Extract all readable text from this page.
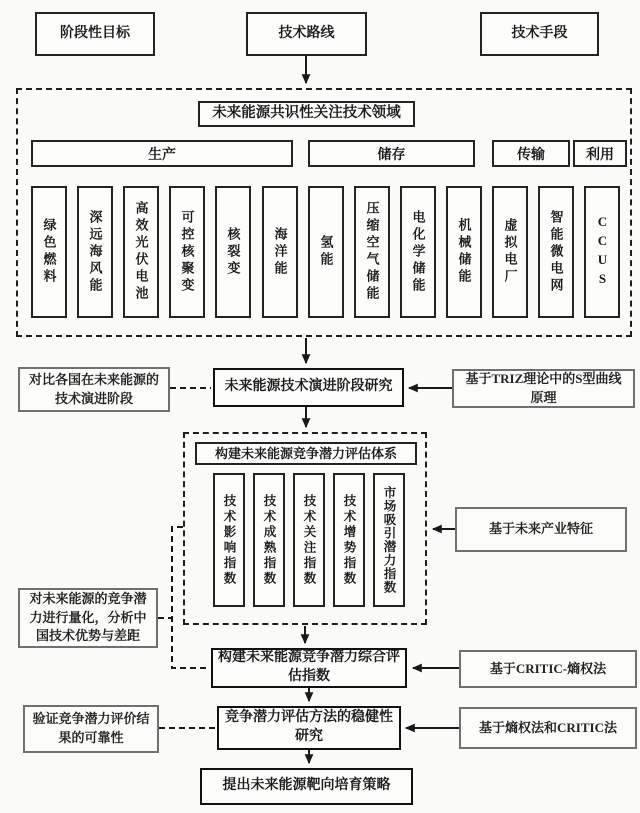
阶段性目标	技术路线	技术手段
未来能源共识性关注技术领域
生产	储存	传输	利用
绿色燃料 深远海风能 高效光伏电池 可控核聚变 核裂变 海洋能 氢能 压缩空气储能 电化学储能 机械储能 虚拟电厂 智能微电网 CCUS
对比各国在未来能源的技术演进阶段
未来能源技术演进阶段研究
基于TRIZ理论中的S型曲线原理
构建未来能源竞争潜力评估体系
技术影响指数 技术成熟指数 技术关注指数 技术增势指数 市场吸引潜力指数	基于未来产业特征
对未来能源的竞争潜力进行量化，分析中国技术优势与差距
构建未来能源竞争潜力综合评估指数
基于CRITIC-熵权法
验证竞争潜力评价结果的可靠性
竞争潜力评估方法的稳健性研究
基于熵权法和CRITIC法
提出未来能源靶向培育策略
